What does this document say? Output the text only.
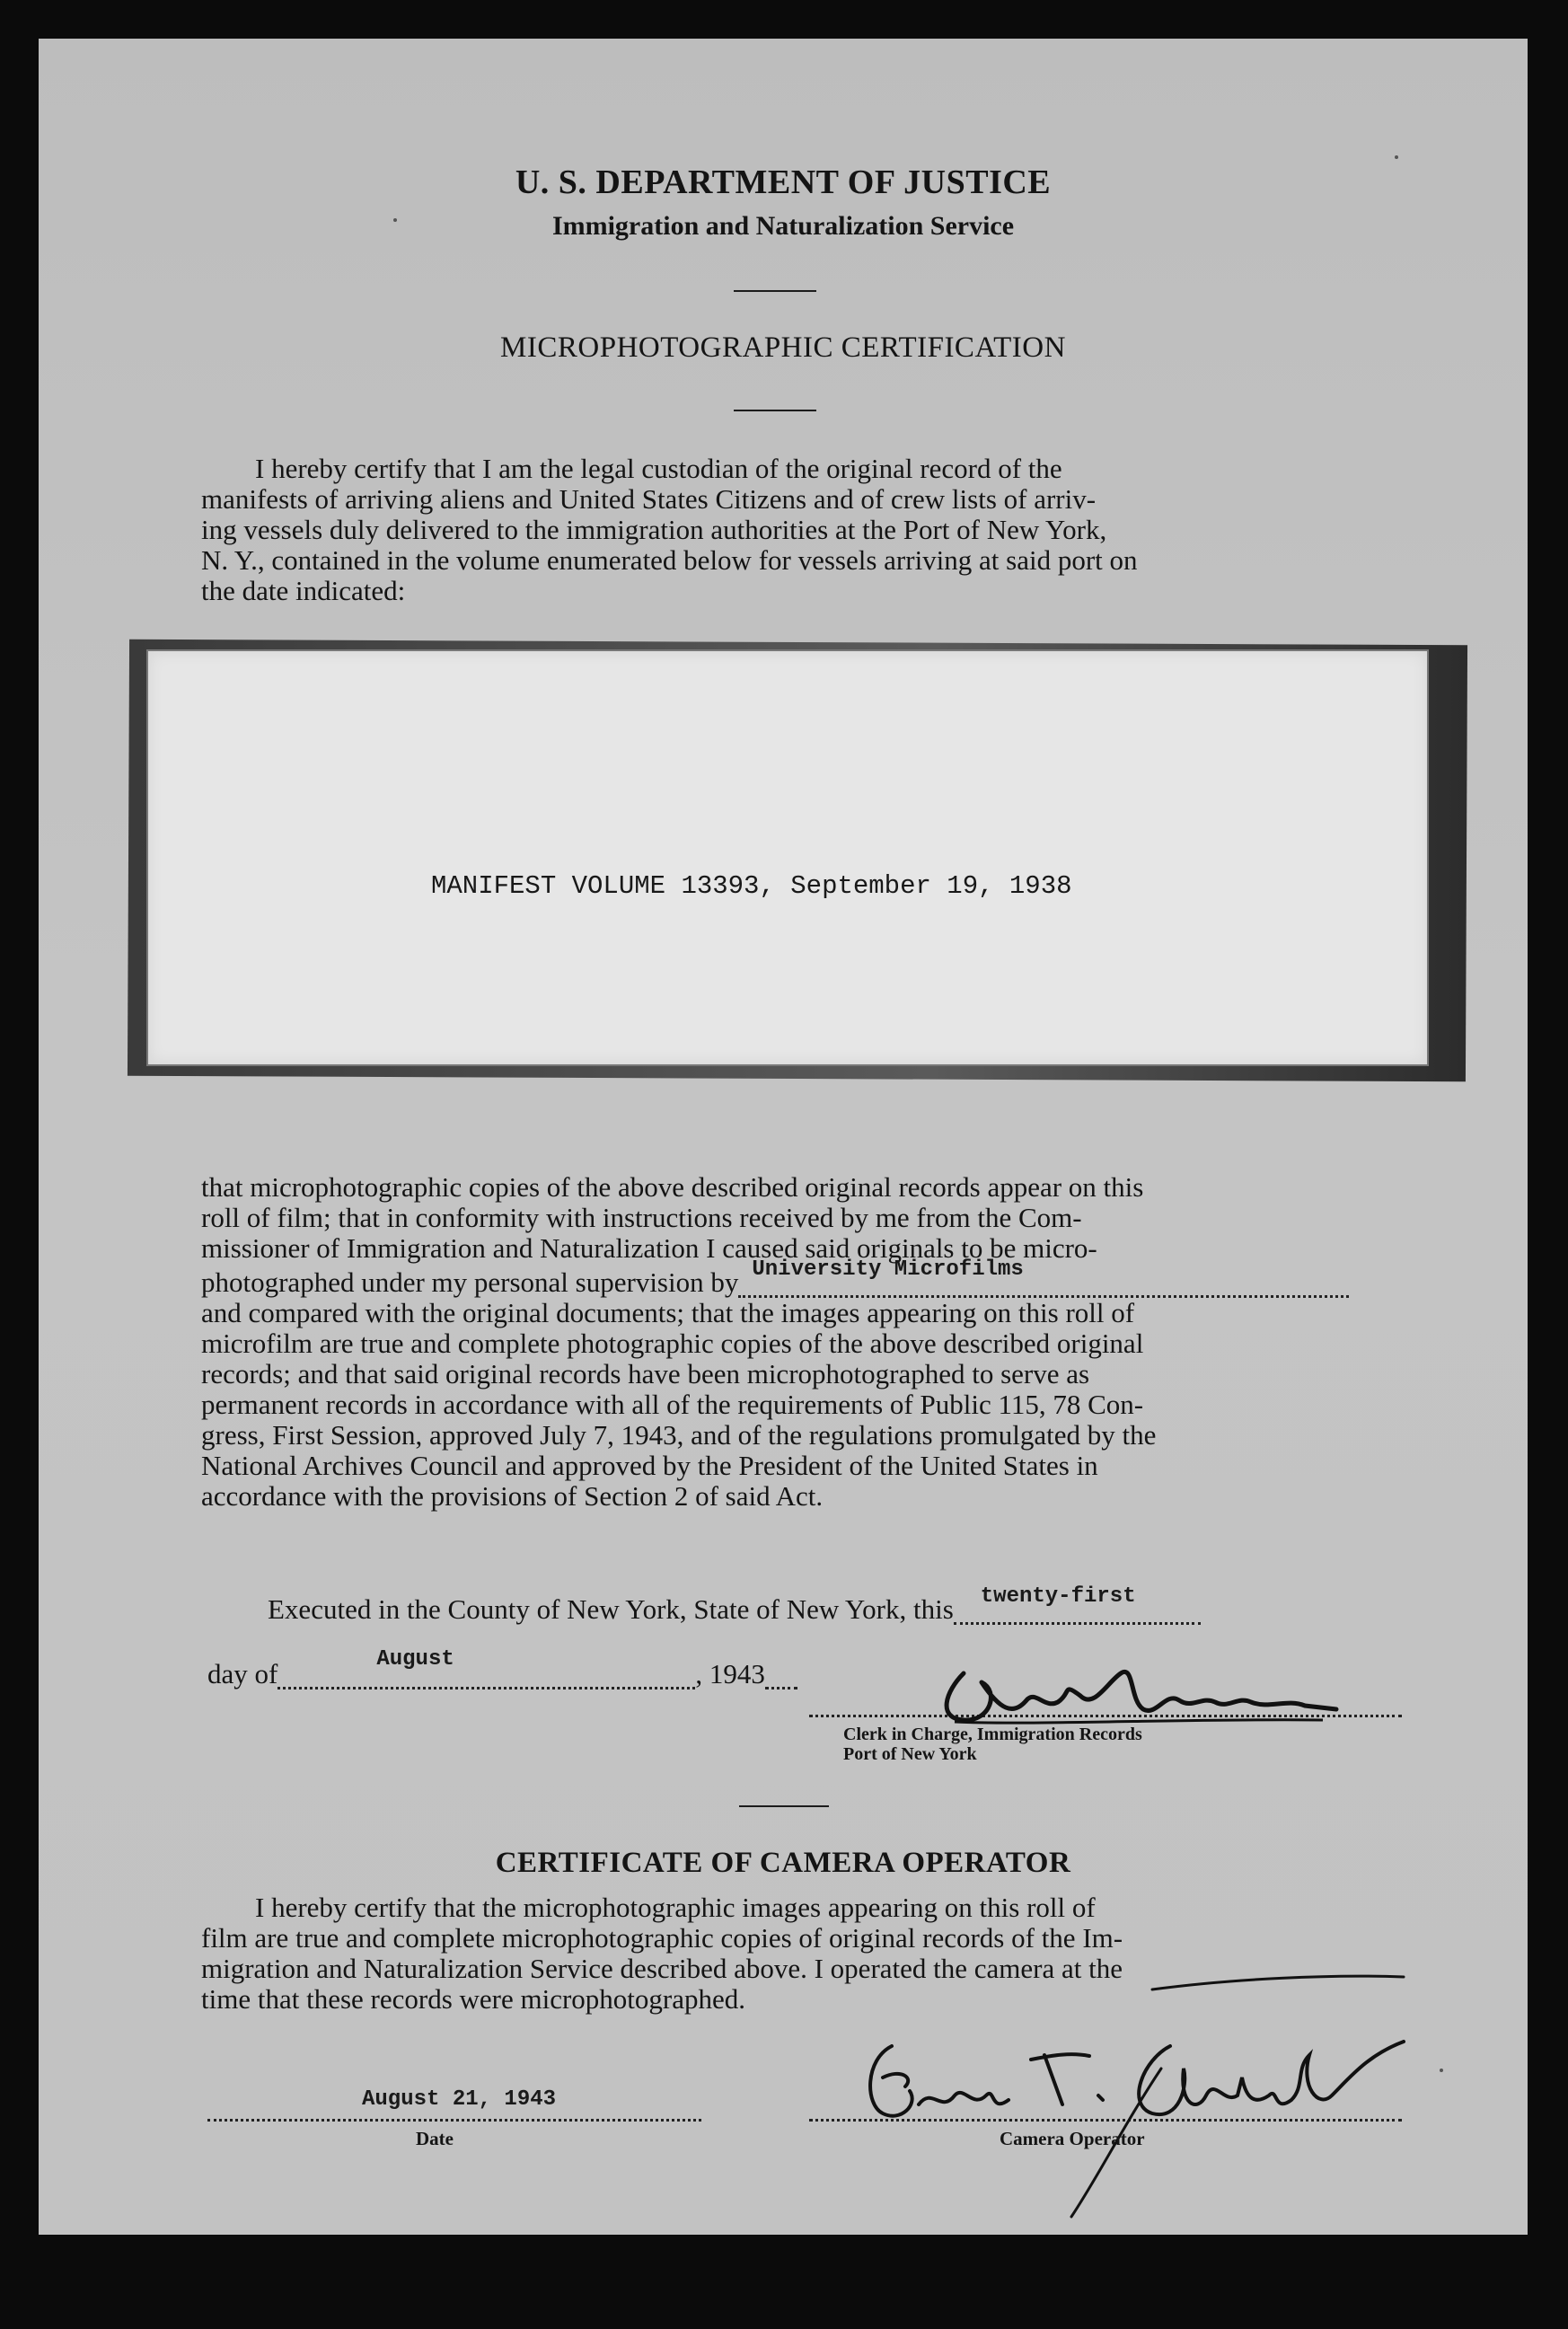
U. S. DEPARTMENT OF JUSTICE
Immigration and Naturalization Service
MICROPHOTOGRAPHIC CERTIFICATION
I hereby certify that I am the legal custodian of the original record of the
manifests of arriving aliens and United States Citizens and of crew lists of arriv-
ing vessels duly delivered to the immigration authorities at the Port of New York,
N. Y., contained in the volume enumerated below for vessels arriving at said port on
the date indicated:
MANIFEST VOLUME 13393, September 19, 1938
that microphotographic copies of the above described original records appear on this
roll of film; that in conformity with instructions received by me from the Com-
missioner of Immigration and Naturalization I caused said originals to be micro-
photographed under my personal supervision by University Microfilms

and compared with the original documents; that the images appearing on this roll of
microfilm are true and complete photographic copies of the above described original
records; and that said original records have been microphotographed to serve as
permanent records in accordance with all of the requirements of Public 115, 78 Con-
gress, First Session, approved July 7, 1943, and of the regulations promulgated by the
National Archives Council and approved by the President of the United States in
accordance with the provisions of Section 2 of said Act.
Executed in the County of New York, State of New York, this twenty-first

day of	August	, 1943
Clerk in Charge, Immigration Records
Port of New York
CERTIFICATE OF CAMERA OPERATOR
I hereby certify that the microphotographic images appearing on this roll of
film are true and complete microphotographic copies of original records of the Im-
migration and Naturalization Service described above. I operated the camera at the
time that these records were microphotographed.
August 21, 1943
Date	Camera Operator
